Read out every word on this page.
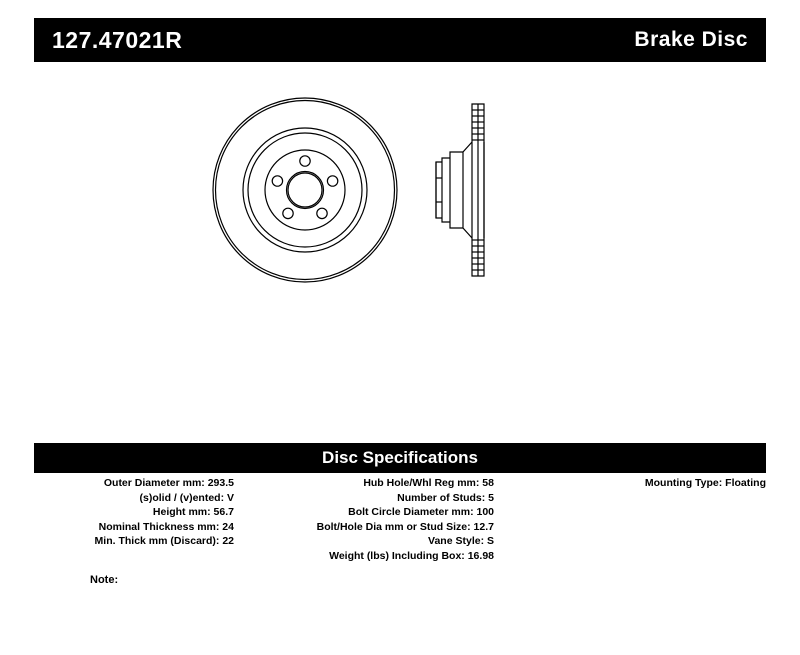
127.47021R	Brake Disc
Disc Specifications
Outer Diameter mm: 293.5
(s)olid / (v)ented: V
Height mm: 56.7
Nominal Thickness mm: 24
Min. Thick mm (Discard): 22
Hub Hole/Whl Reg mm: 58
Number of Studs: 5
Bolt Circle Diameter mm: 100
Bolt/Hole Dia mm or Stud Size: 12.7
Vane Style: S
Weight (lbs) Including Box: 16.98
Mounting Type: Floating
Note:
